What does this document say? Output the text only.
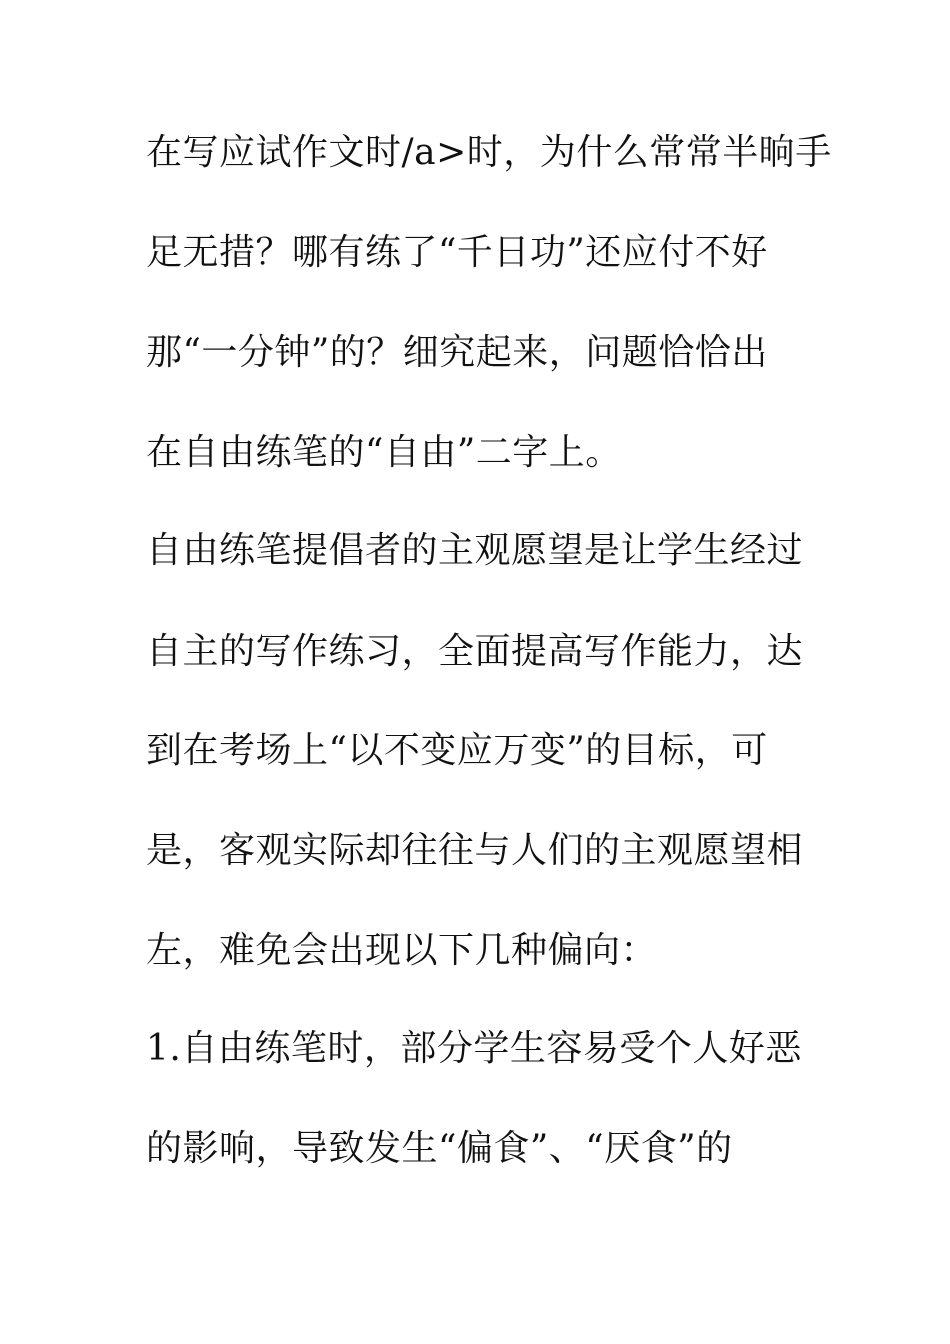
在写应试作文时/a>时，为什么常常半晌手
足无措？哪有练了“千日功”还应付不好
那“一分钟”的？细究起来，问题恰恰出
在自由练笔的“自由”二字上。
自由练笔提倡者的主观愿望是让学生经过
自主的写作练习，全面提高写作能力，达
到在考场上“以不变应万变”的目标，可
是，客观实际却往往与人们的主观愿望相
左，难免会出现以下几种偏向：
1.自由练笔时，部分学生容易受个人好恶
的影响，导致发生“偏食”、“厌食”的
